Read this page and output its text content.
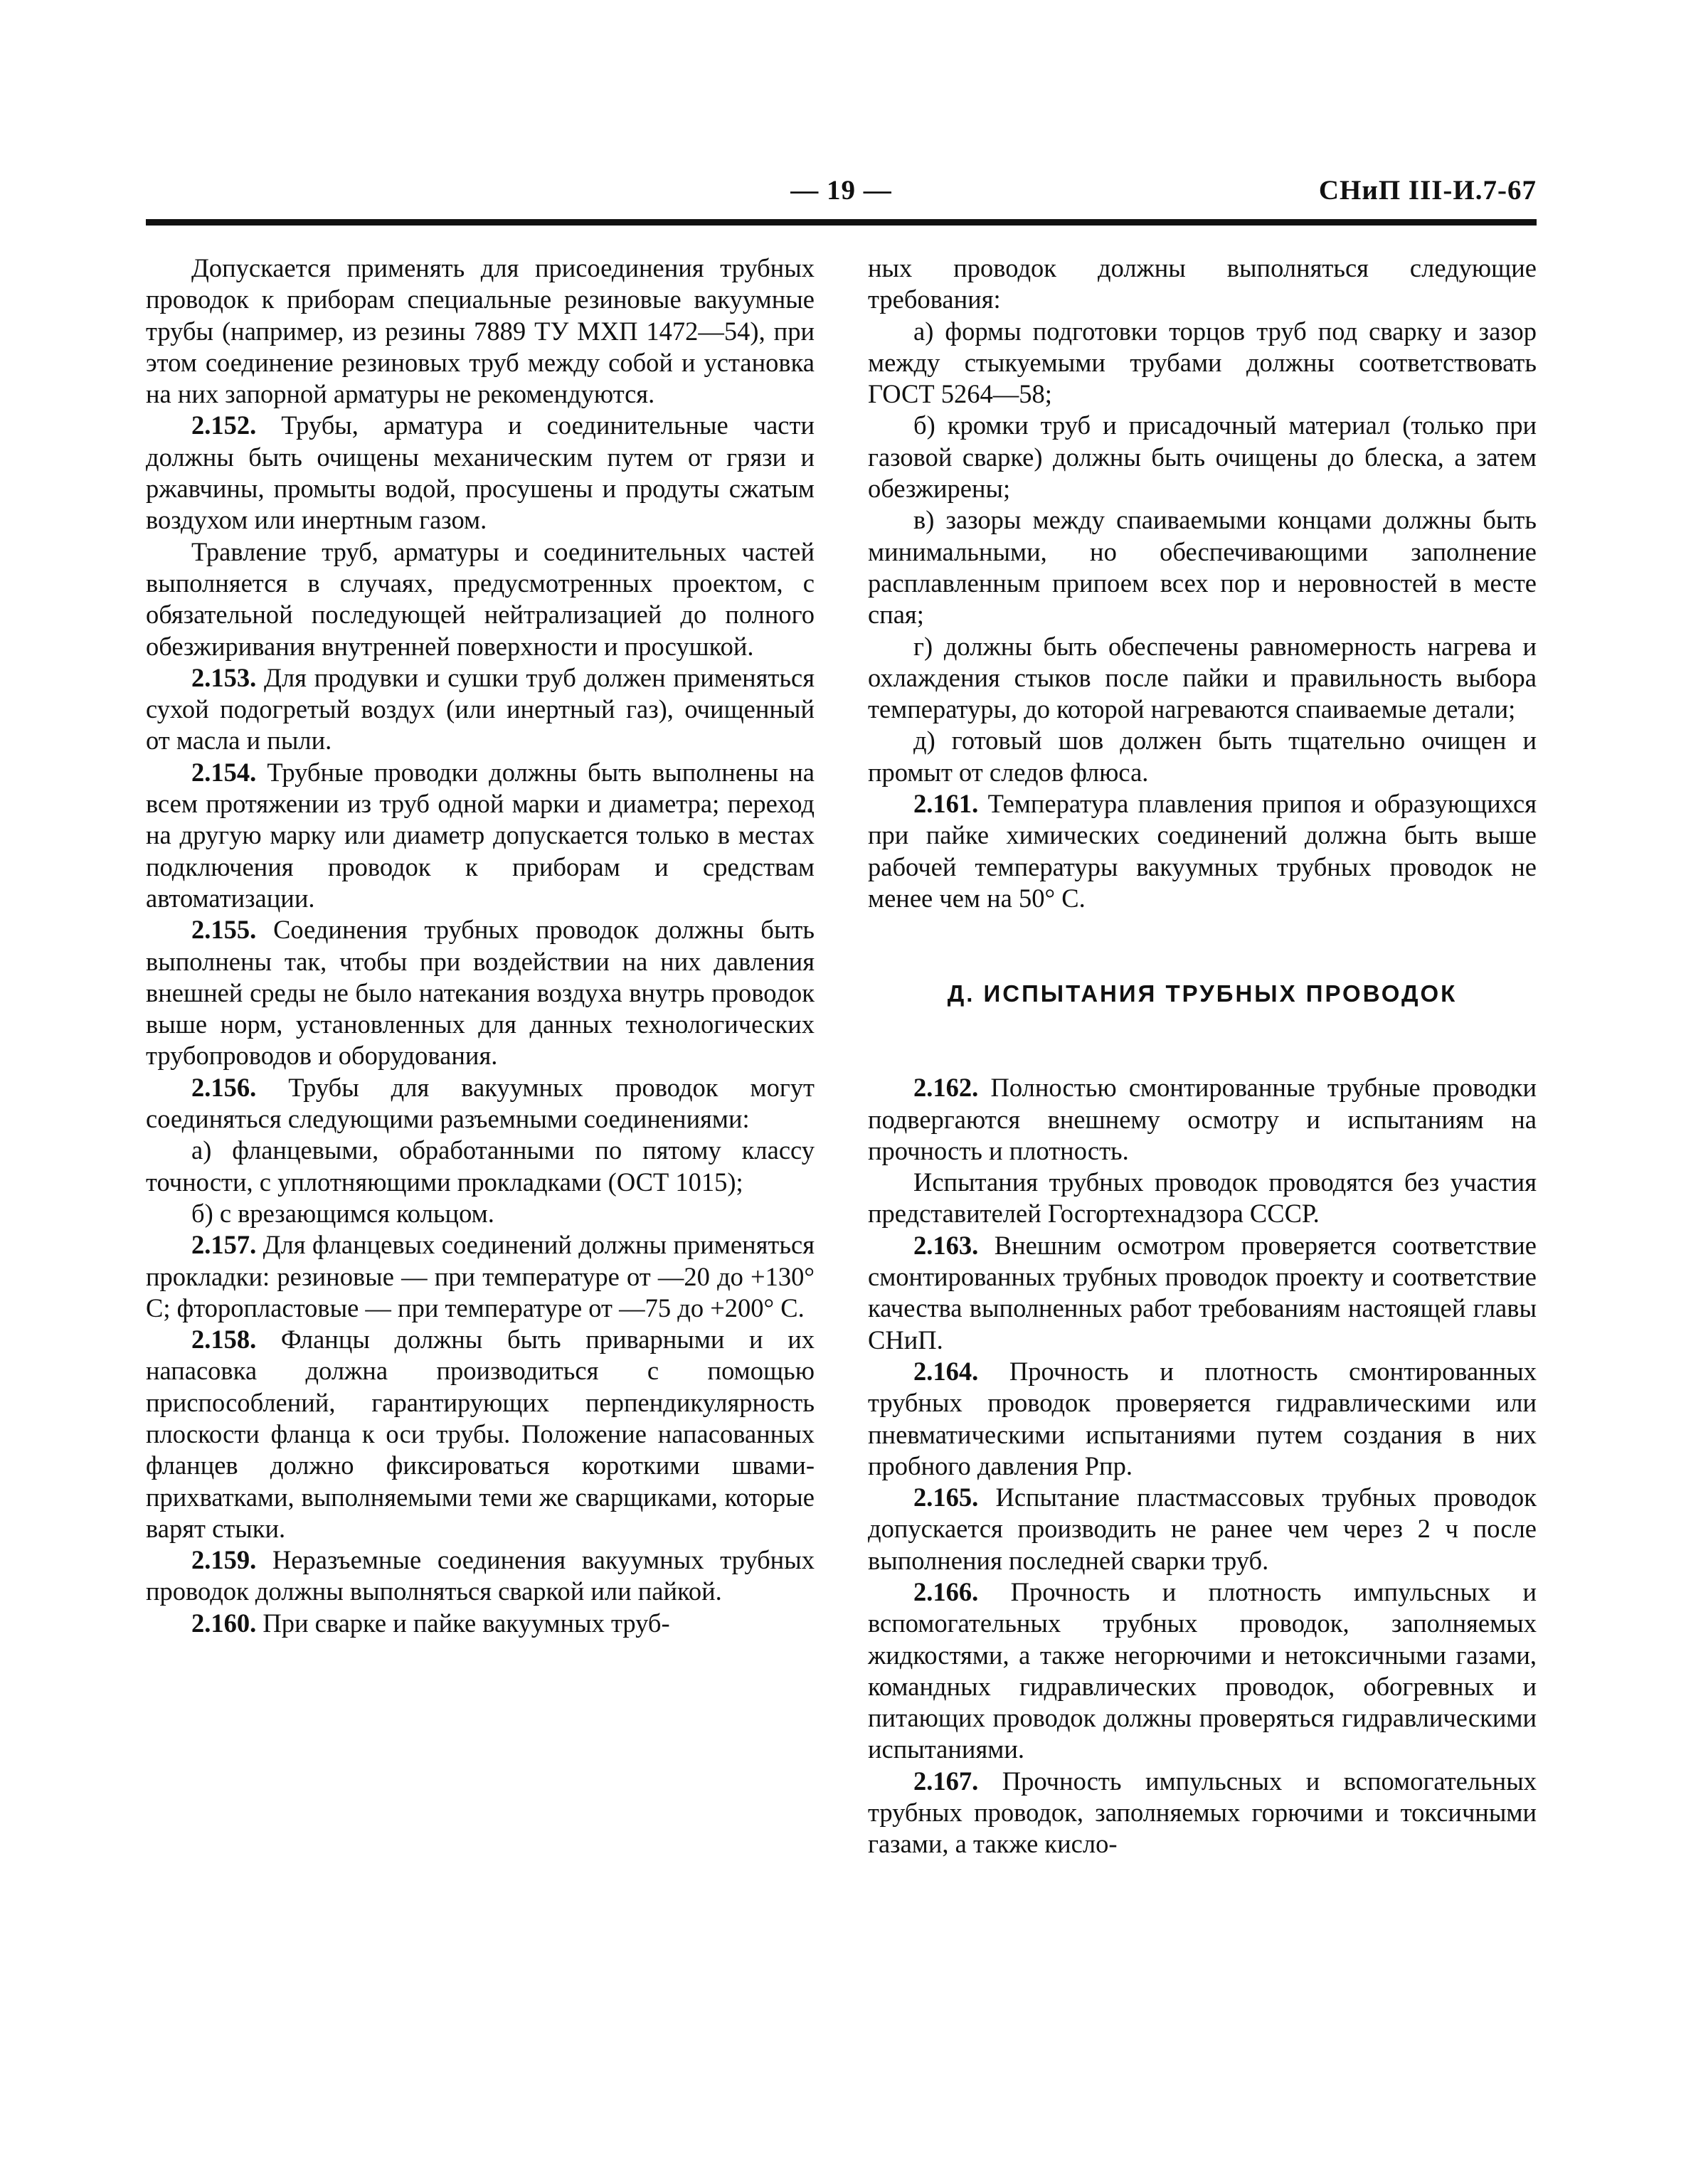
— 19 —	СНиП III-И.7-67

Допускается применять для присоединения трубных проводок к приборам специальные резиновые вакуумные трубы (например, из резины 7889 ТУ МХП 1472—54), при этом соединение резиновых труб между собой и установка на них запорной арматуры не рекомендуются.

2.152. Трубы, арматура и соединительные части должны быть очищены механическим путем от грязи и ржавчины, промыты водой, просушены и продуты сжатым воздухом или инертным газом.

Травление труб, арматуры и соединительных частей выполняется в случаях, предусмотренных проектом, с обязательной последующей нейтрализацией до полного обезжиривания внутренней поверхности и просушкой.

2.153. Для продувки и сушки труб должен применяться сухой подогретый воздух (или инертный газ), очищенный от масла и пыли.

2.154. Трубные проводки должны быть выполнены на всем протяжении из труб одной марки и диаметра; переход на другую марку или диаметр допускается только в местах подключения проводок к приборам и средствам автоматизации.

2.155. Соединения трубных проводок должны быть выполнены так, чтобы при воздействии на них давления внешней среды не было натекания воздуха внутрь проводок выше норм, установленных для данных технологических трубопроводов и оборудования.

2.156. Трубы для вакуумных проводок могут соединяться следующими разъемными соединениями:

а) фланцевыми, обработанными по пятому классу точности, с уплотняющими прокладками (ОСТ 1015);

б) с врезающимся кольцом.

2.157. Для фланцевых соединений должны применяться прокладки: резиновые — при температуре от —20 до +130° С; фторопластовые — при температуре от —75 до +200° С.

2.158. Фланцы должны быть приварными и их напасовка должна производиться с помощью приспособлений, гарантирующих перпендикулярность плоскости фланца к оси трубы. Положение напасованных фланцев должно фиксироваться короткими швами-прихватками, выполняемыми теми же сварщиками, которые варят стыки.

2.159. Неразъемные соединения вакуумных трубных проводок должны выполняться сваркой или пайкой.

2.160. При сварке и пайке вакуумных труб-

ных проводок должны выполняться следующие требования:

а) формы подготовки торцов труб под сварку и зазор между стыкуемыми трубами должны соответствовать ГОСТ 5264—58;

б) кромки труб и присадочный материал (только при газовой сварке) должны быть очищены до блеска, а затем обезжирены;

в) зазоры между спаиваемыми концами должны быть минимальными, но обеспечивающими заполнение расплавленным припоем всех пор и неровностей в месте спая;

г) должны быть обеспечены равномерность нагрева и охлаждения стыков после пайки и правильность выбора температуры, до которой нагреваются спаиваемые детали;

д) готовый шов должен быть тщательно очищен и промыт от следов флюса.

2.161. Температура плавления припоя и образующихся при пайке химических соединений должна быть выше рабочей температуры вакуумных трубных проводок не менее чем на 50° С.

Д. ИСПЫТАНИЯ ТРУБНЫХ ПРОВОДОК

2.162. Полностью смонтированные трубные проводки подвергаются внешнему осмотру и испытаниям на прочность и плотность.

Испытания трубных проводок проводятся без участия представителей Госгортехнадзора СССР.

2.163. Внешним осмотром проверяется соответствие смонтированных трубных проводок проекту и соответствие качества выполненных работ требованиям настоящей главы СНиП.

2.164. Прочность и плотность смонтированных трубных проводок проверяется гидравлическими или пневматическими испытаниями путем создания в них пробного давления Pпр.

2.165. Испытание пластмассовых трубных проводок допускается производить не ранее чем через 2 ч после выполнения последней сварки труб.

2.166. Прочность и плотность импульсных и вспомогательных трубных проводок, заполняемых жидкостями, а также негорючими и нетоксичными газами, командных гидравлических проводок, обогревных и питающих проводок должны проверяться гидравлическими испытаниями.

2.167. Прочность импульсных и вспомогательных трубных проводок, заполняемых горючими и токсичными газами, а также кисло-
